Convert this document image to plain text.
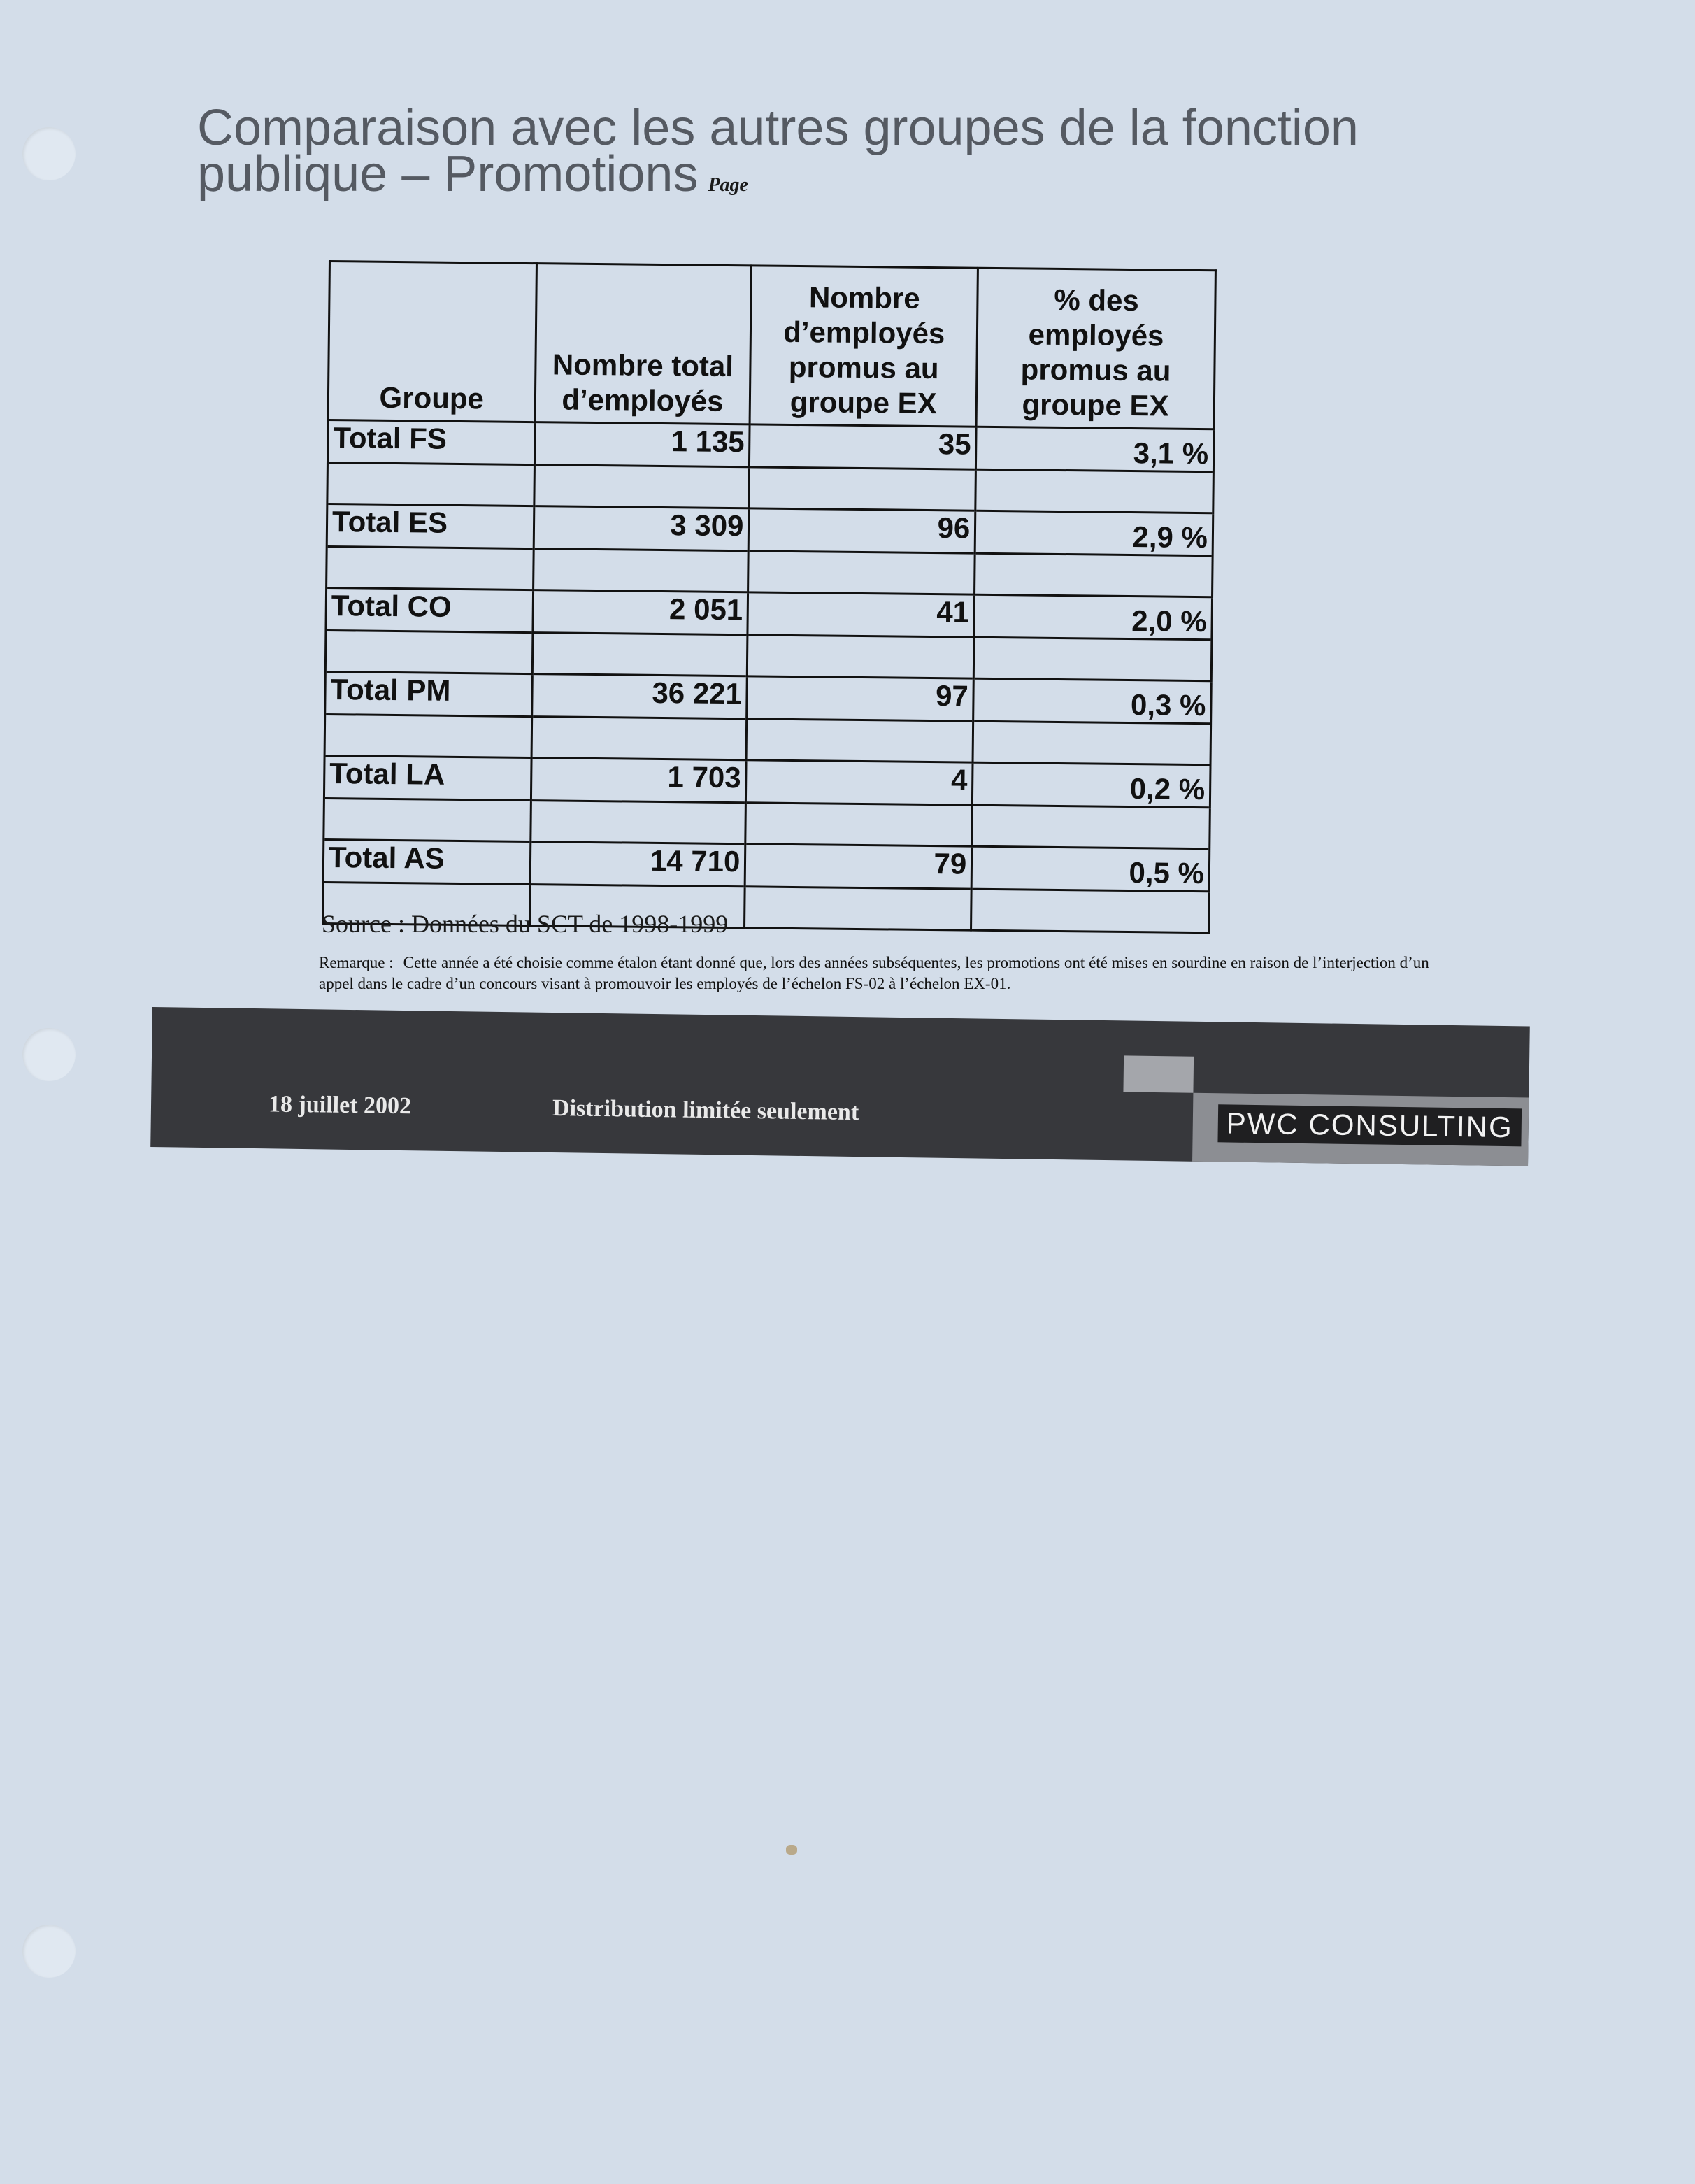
Comparaison avec les autres groupes de la fonction publique – Promotions Page
Groupe	Nombre total d’employés	Nombre d’employés promus au groupe EX	% des employés promus au groupe EX
Total FS	1 135	35	3,1 %

Total ES	3 309	96	2,9 %

Total CO	2 051	41	2,0 %

Total PM	36 221	97	0,3 %

Total LA	1 703	4	0,2 %

Total AS	14 710	79	0,5 %

Source : Données du SCT de 1998-1999
Remarque : Cette année a été choisie comme étalon étant donné que, lors des années subséquentes, les promotions ont été mises en sourdine en raison de l’interjection d’un appel dans le cadre d’un concours visant à promouvoir les employés de l’échelon FS-02 à l’échelon EX-01.
18 juillet 2002	Distribution limitée seulement	PWC CONSULTING
